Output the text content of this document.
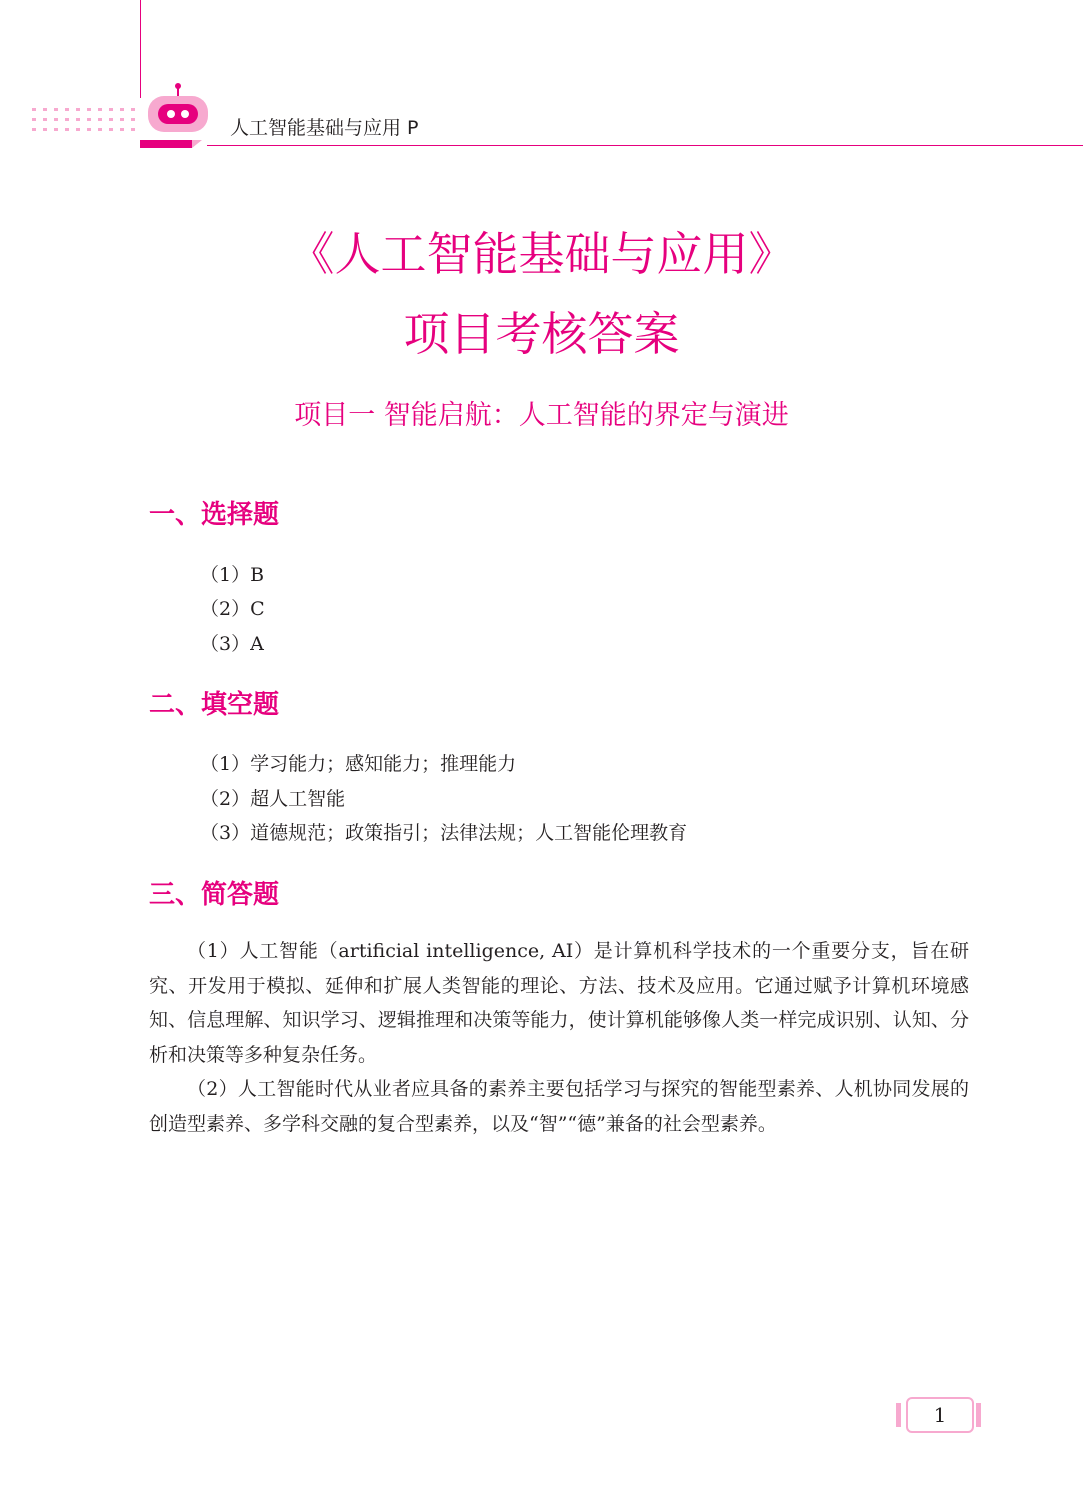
人工智能基础与应用 P
《人工智能基础与应用》
项目考核答案
项目一 智能启航：人工智能的界定与演进
一、选择题
（1）B
（2）C
（3）A
二、填空题
（1）学习能力；感知能力；推理能力
（2）超人工智能
（3）道德规范；政策指引；法律法规；人工智能伦理教育
三、简答题

（1）人工智能（artificial intelligence, AI）是计算机科学技术的一个重要分支，旨在研究、开发用于模拟、延伸和扩展人类智能的理论、方法、技术及应用。它通过赋予计算机环境感知、信息理解、知识学习、逻辑推理和决策等能力，使计算机能够像人类一样完成识别、认知、分析和决策等多种复杂任务。

（2）人工智能时代从业者应具备的素养主要包括学习与探究的智能型素养、人机协同发展的创造型素养、多学科交融的复合型素养，以及“智”“德”兼备的社会型素养。

1
